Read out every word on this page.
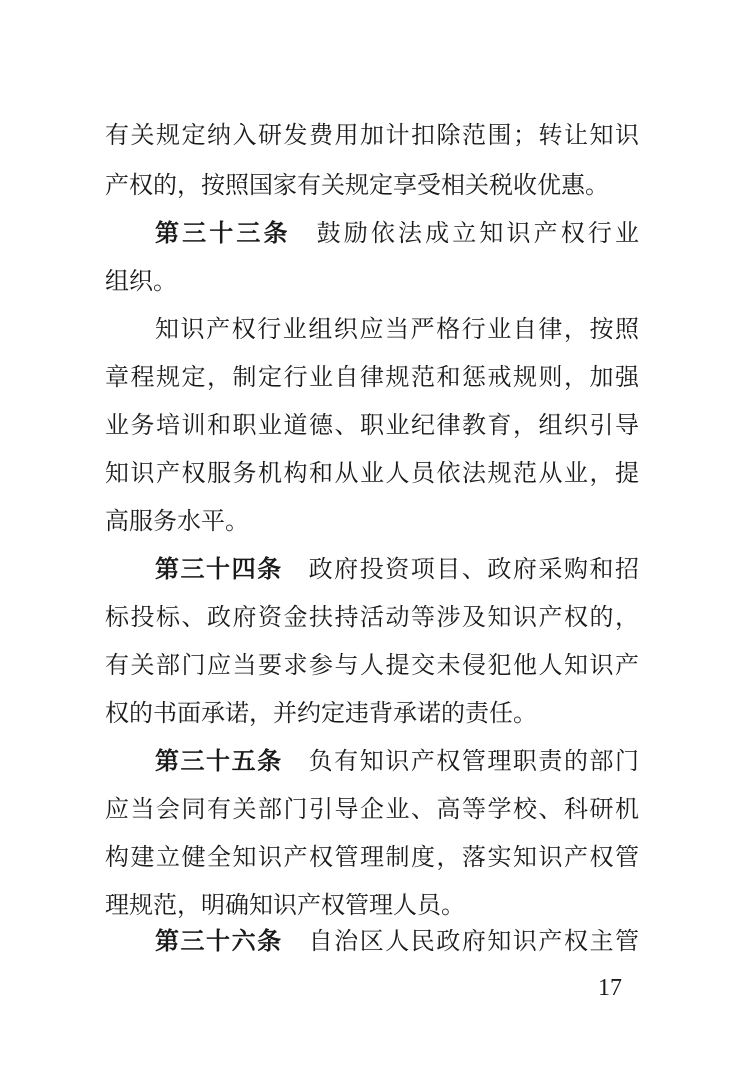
有关规定纳入研发费用加计扣除范围；转让知识
产权的，按照国家有关规定享受相关税收优惠。
第三十三条 鼓励依法成立知识产权行业
组织。
知识产权行业组织应当严格行业自律，按照
章程规定，制定行业自律规范和惩戒规则，加强
业务培训和职业道德、职业纪律教育，组织引导
知识产权服务机构和从业人员依法规范从业，提
高服务水平。
第三十四条 政府投资项目、政府采购和招
标投标、政府资金扶持活动等涉及知识产权的，
有关部门应当要求参与人提交未侵犯他人知识产
权的书面承诺，并约定违背承诺的责任。
第三十五条 负有知识产权管理职责的部门
应当会同有关部门引导企业、高等学校、科研机
构建立健全知识产权管理制度，落实知识产权管
理规范，明确知识产权管理人员。
第三十六条 自治区人民政府知识产权主管
17
